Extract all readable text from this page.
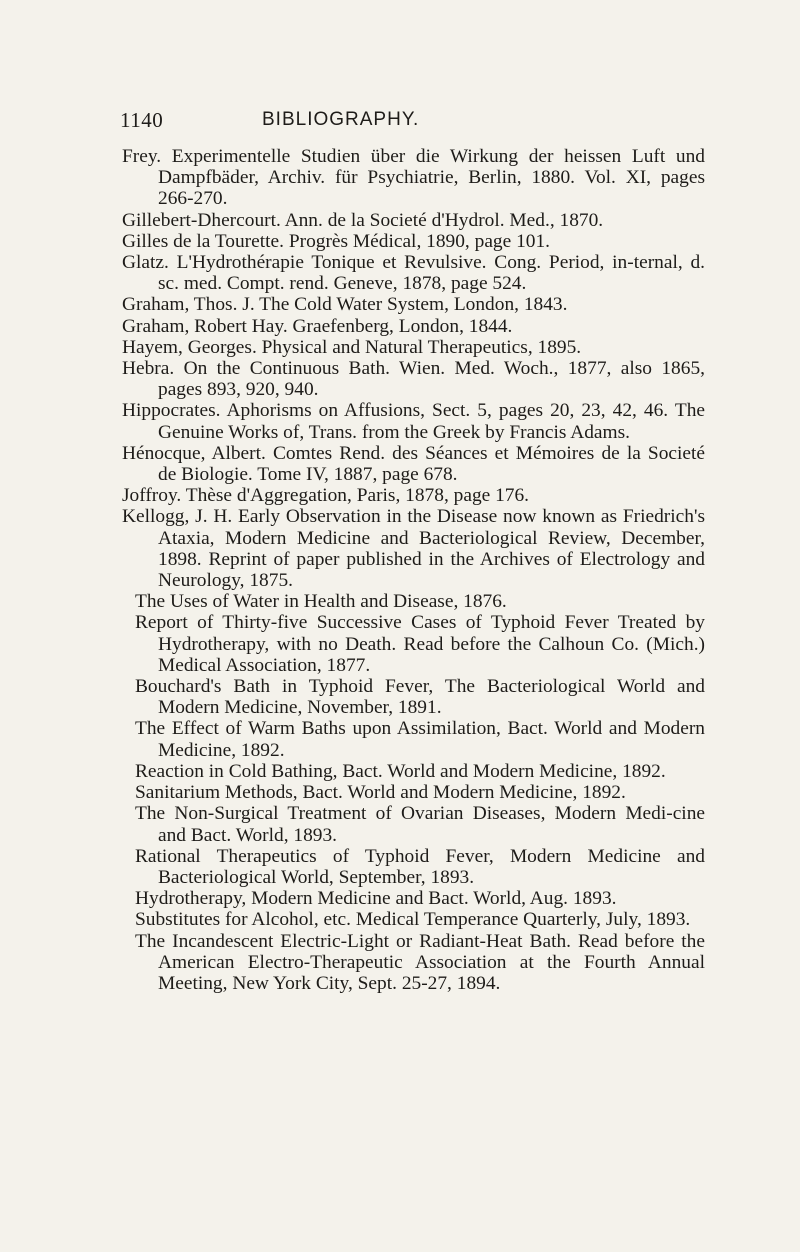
1140	BIBLIOGRAPHY.

Frey. Experimentelle Studien über die Wirkung der heissen Luft und Dampfbäder, Archiv. für Psychiatrie, Berlin, 1880. Vol. XI, pages 266-270.

Gillebert-Dhercourt. Ann. de la Societé d'Hydrol. Med., 1870.

Gilles de la Tourette. Progrès Médical, 1890, page 101.

Glatz. L'Hydrothérapie Tonique et Revulsive. Cong. Period, in-ternal, d. sc. med. Compt. rend. Geneve, 1878, page 524.

Graham, Thos. J. The Cold Water System, London, 1843.

Graham, Robert Hay. Graefenberg, London, 1844.

Hayem, Georges. Physical and Natural Therapeutics, 1895.

Hebra. On the Continuous Bath. Wien. Med. Woch., 1877, also 1865, pages 893, 920, 940.

Hippocrates. Aphorisms on Affusions, Sect. 5, pages 20, 23, 42, 46. The Genuine Works of, Trans. from the Greek by Francis Adams.

Hénocque, Albert. Comtes Rend. des Séances et Mémoires de la Societé de Biologie. Tome IV, 1887, page 678.

Joffroy. Thèse d'Aggregation, Paris, 1878, page 176.

Kellogg, J. H. Early Observation in the Disease now known as Friedrich's Ataxia, Modern Medicine and Bacteriological Review, December, 1898. Reprint of paper published in the Archives of Electrology and Neurology, 1875.

The Uses of Water in Health and Disease, 1876.

Report of Thirty-five Successive Cases of Typhoid Fever Treated by Hydrotherapy, with no Death. Read before the Calhoun Co. (Mich.) Medical Association, 1877.

Bouchard's Bath in Typhoid Fever, The Bacteriological World and Modern Medicine, November, 1891.

The Effect of Warm Baths upon Assimilation, Bact. World and Modern Medicine, 1892.

Reaction in Cold Bathing, Bact. World and Modern Medicine, 1892.

Sanitarium Methods, Bact. World and Modern Medicine, 1892.

The Non-Surgical Treatment of Ovarian Diseases, Modern Medi-cine and Bact. World, 1893.

Rational Therapeutics of Typhoid Fever, Modern Medicine and Bacteriological World, September, 1893.

Hydrotherapy, Modern Medicine and Bact. World, Aug. 1893.

Substitutes for Alcohol, etc. Medical Temperance Quarterly, July, 1893.

The Incandescent Electric-Light or Radiant-Heat Bath. Read before the American Electro-Therapeutic Association at the Fourth Annual Meeting, New York City, Sept. 25-27, 1894.
